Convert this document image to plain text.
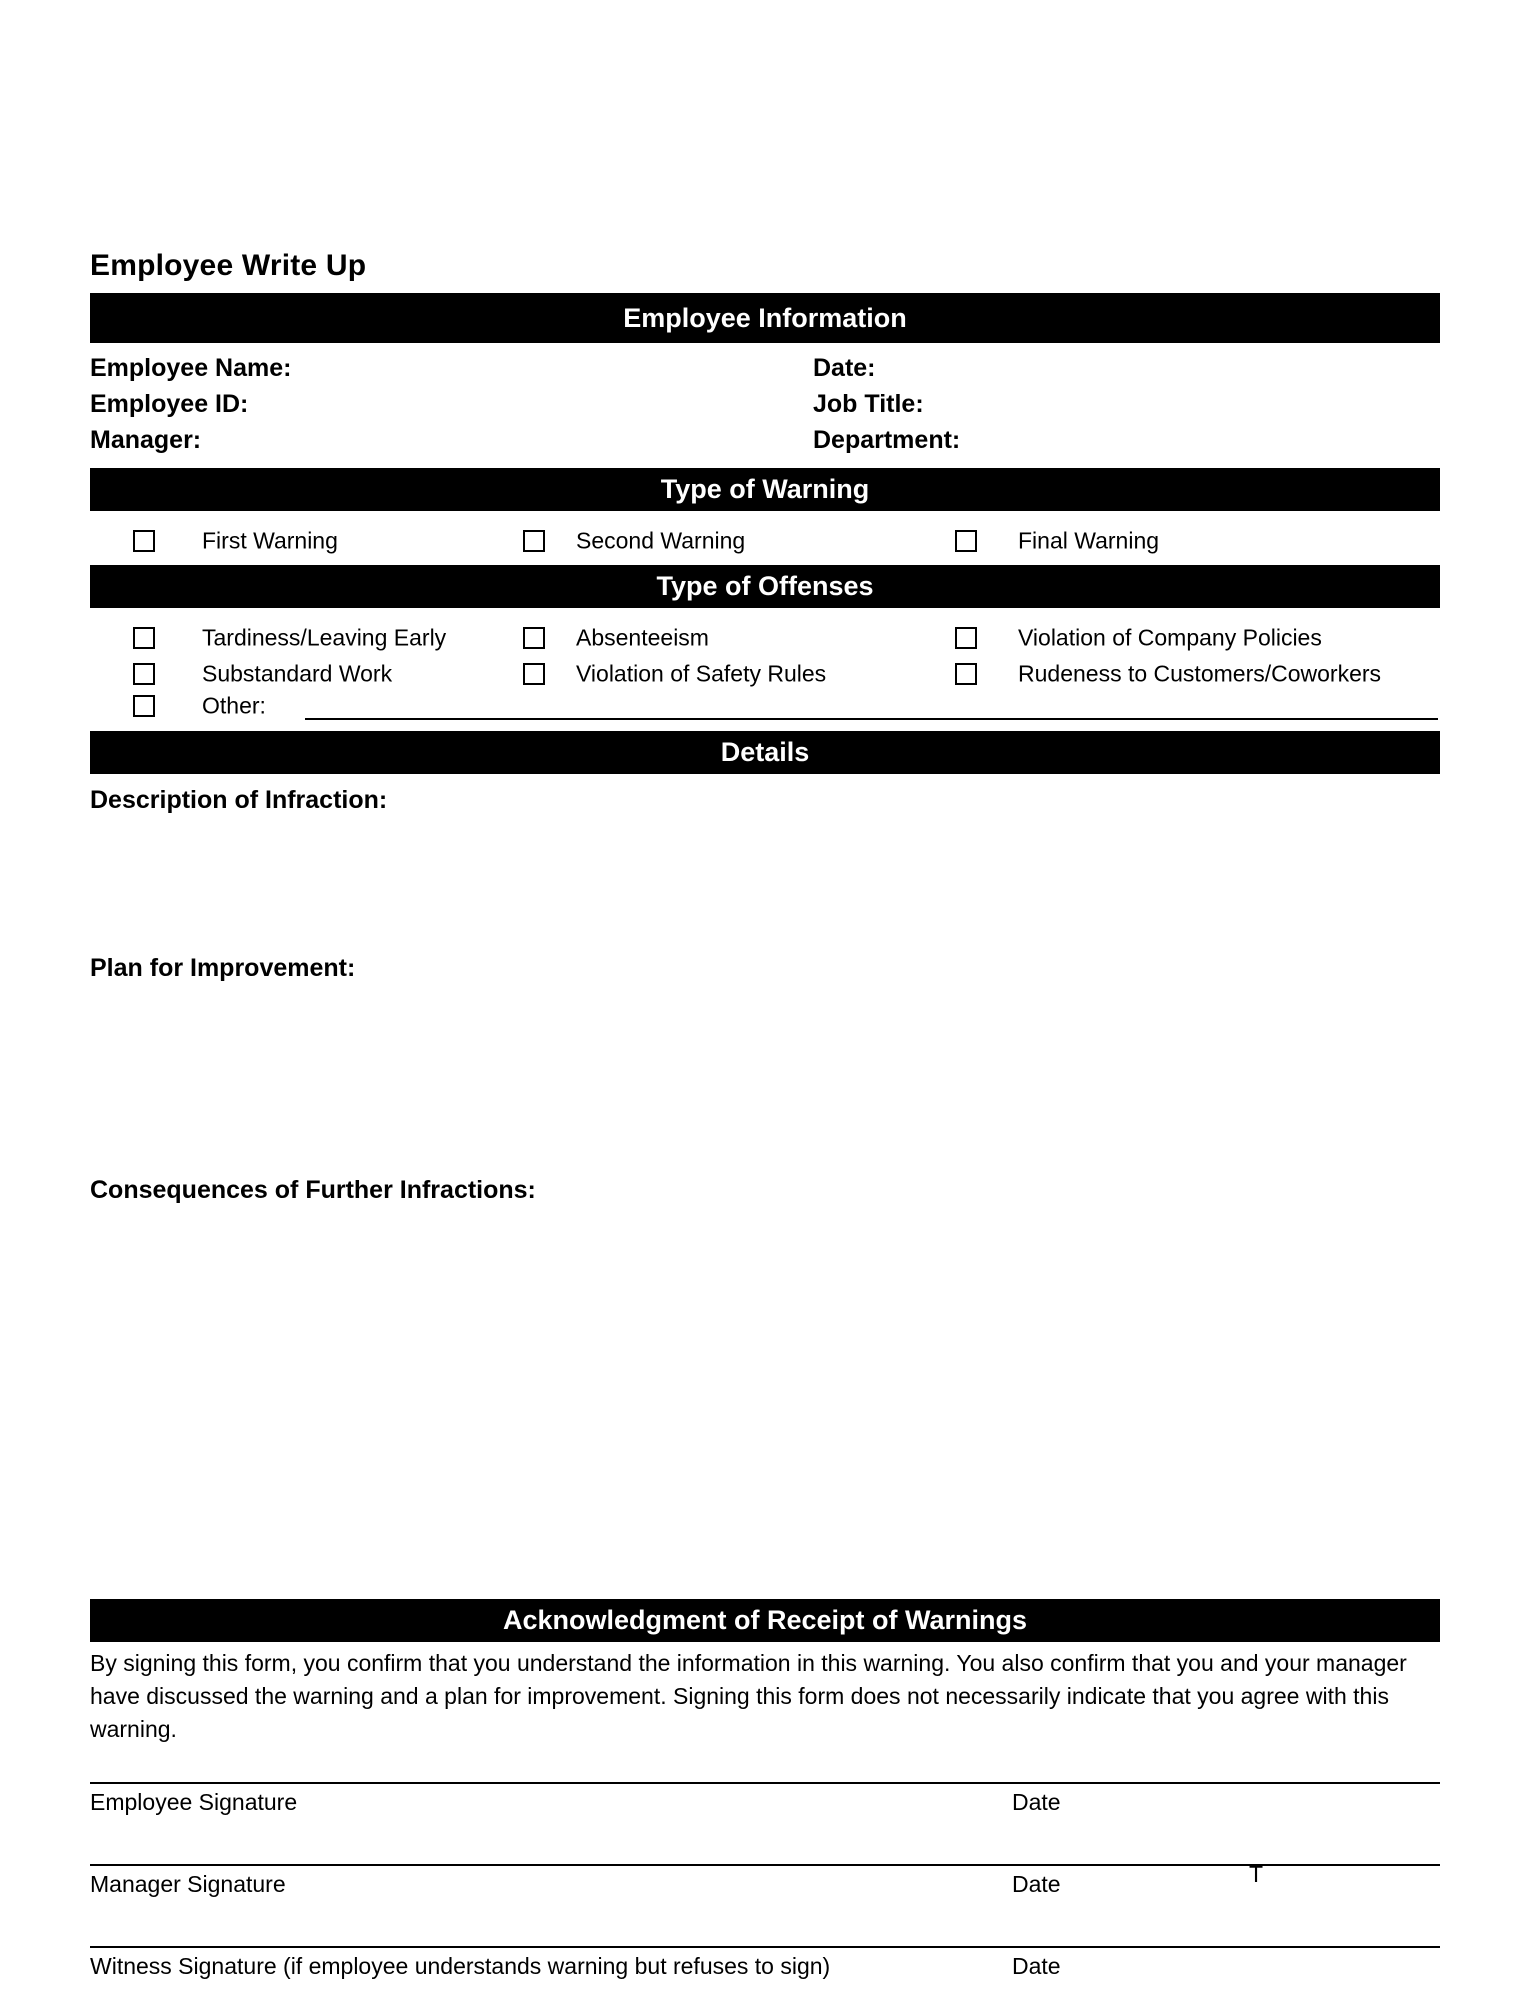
Employee Write Up
Employee Information
Employee Name:	Date:
Employee ID:	Job Title:
Manager:	Department:
Type of Warning
First Warning	Second Warning	Final Warning
Type of Offenses
Tardiness/Leaving Early	Absenteeism	Violation of Company Policies
Substandard Work	Violation of Safety Rules	Rudeness to Customers/Coworkers
Other:
Details
Description of Infraction:
Plan for Improvement:
Consequences of Further Infractions:
Acknowledgment of Receipt of Warnings
By signing this form, you confirm that you understand the information in this warning. You also confirm that you and your manager have discussed the warning and a plan for improvement. Signing this form does not necessarily indicate that you agree with this warning.
Employee Signature	Date
Manager Signature	Date
Witness Signature (if employee understands warning but refuses to sign)	Date
T
